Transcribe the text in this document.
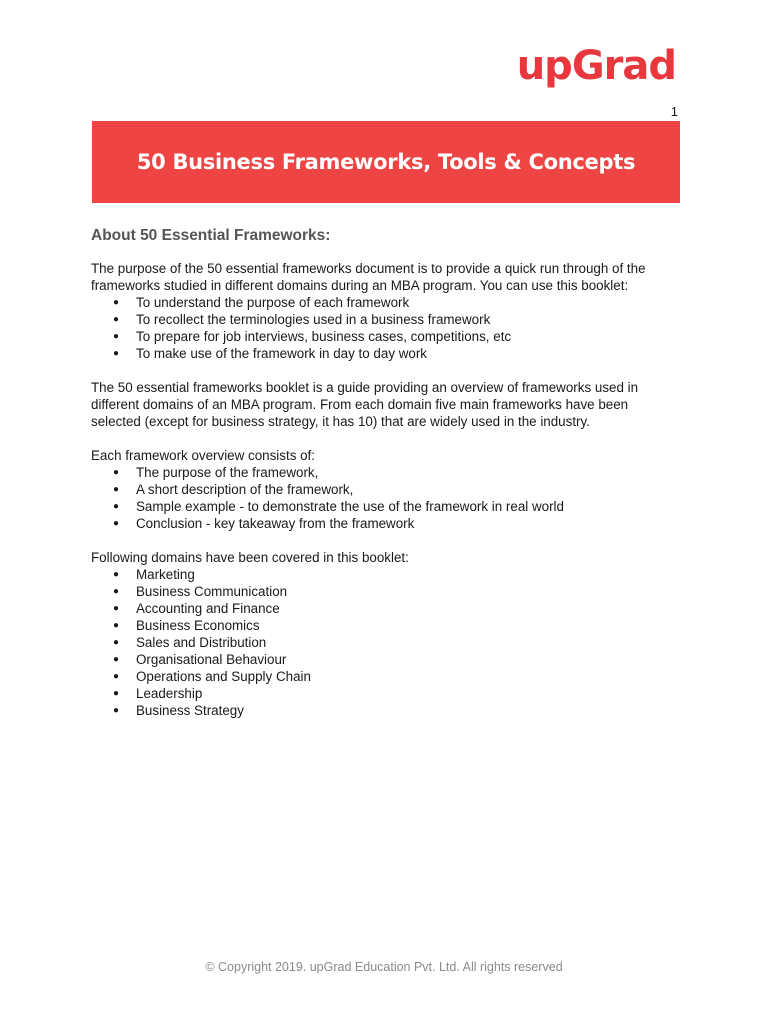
upGrad
1
50 Business Frameworks, Tools & Concepts
About 50 Essential Frameworks:

The purpose of the 50 essential frameworks document is to provide a quick run through of the frameworks studied in different domains during an MBA program. You can use this booklet:

● To understand the purpose of each framework
● To recollect the terminologies used in a business framework
● To prepare for job interviews, business cases, competitions, etc
● To make use of the framework in day to day work

The 50 essential frameworks booklet is a guide providing an overview of frameworks used in different domains of an MBA program. From each domain five main frameworks have been selected (except for business strategy, it has 10) that are widely used in the industry.

Each framework overview consists of:

● The purpose of the framework,
● A short description of the framework,
● Sample example - to demonstrate the use of the framework in real world
● Conclusion - key takeaway from the framework

Following domains have been covered in this booklet:

● Marketing
● Business Communication
● Accounting and Finance
● Business Economics
● Sales and Distribution
● Organisational Behaviour
● Operations and Supply Chain
● Leadership
● Business Strategy
© Copyright 2019. upGrad Education Pvt. Ltd. All rights reserved
